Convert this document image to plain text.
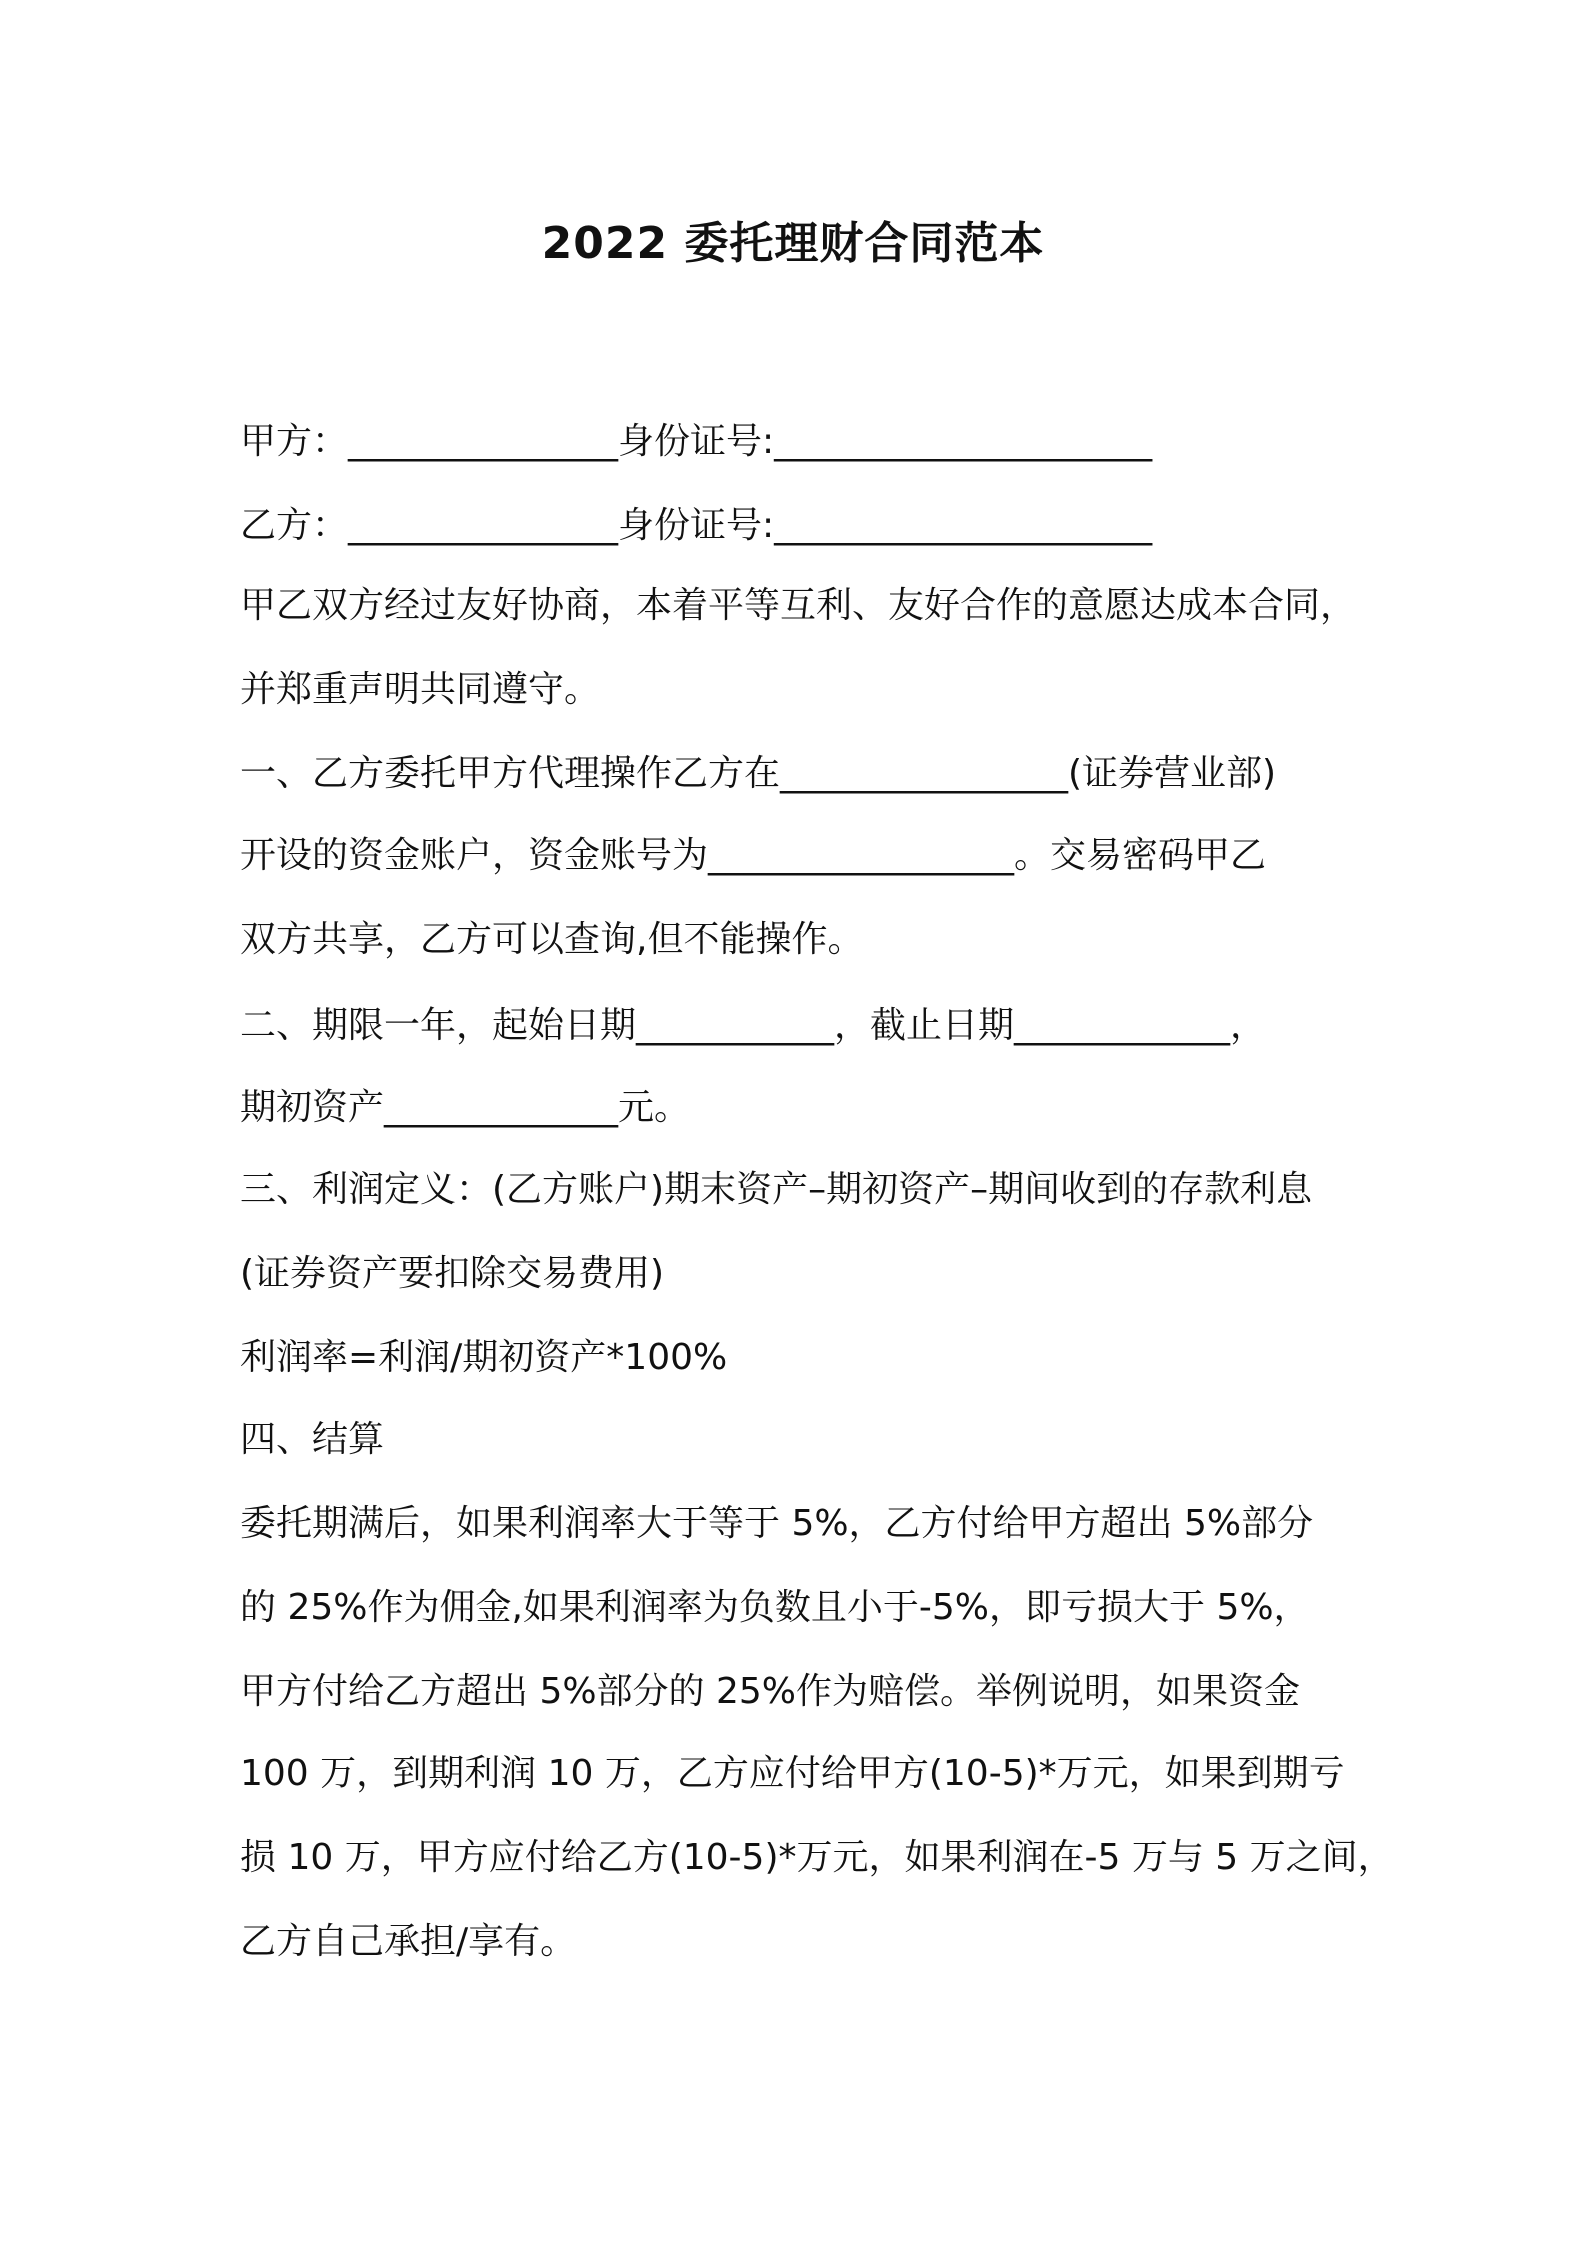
2022 委托理财合同范本
甲方：_______________身份证号:_____________________
乙方：_______________身份证号:_____________________
甲乙双方经过友好协商，本着平等互利、友好合作的意愿达成本合同，
并郑重声明共同遵守。
一、乙方委托甲方代理操作乙方在________________(证券营业部)
开设的资金账户，资金账号为_________________。交易密码甲乙
双方共享，乙方可以查询,但不能操作。
二、期限一年，起始日期___________，截止日期____________，
期初资产_____________元。
三、利润定义：(乙方账户)期末资产–期初资产–期间收到的存款利息
(证券资产要扣除交易费用)
利润率=利润/期初资产*100%
四、结算
委托期满后，如果利润率大于等于 5%，乙方付给甲方超出 5%部分
的 25%作为佣金,如果利润率为负数且小于-5%，即亏损大于 5%，
甲方付给乙方超出 5%部分的 25%作为赔偿。举例说明，如果资金
100 万，到期利润 10 万，乙方应付给甲方(10-5)*万元，如果到期亏
损 10 万，甲方应付给乙方(10-5)*万元，如果利润在-5 万与 5 万之间，
乙方自己承担/享有。
